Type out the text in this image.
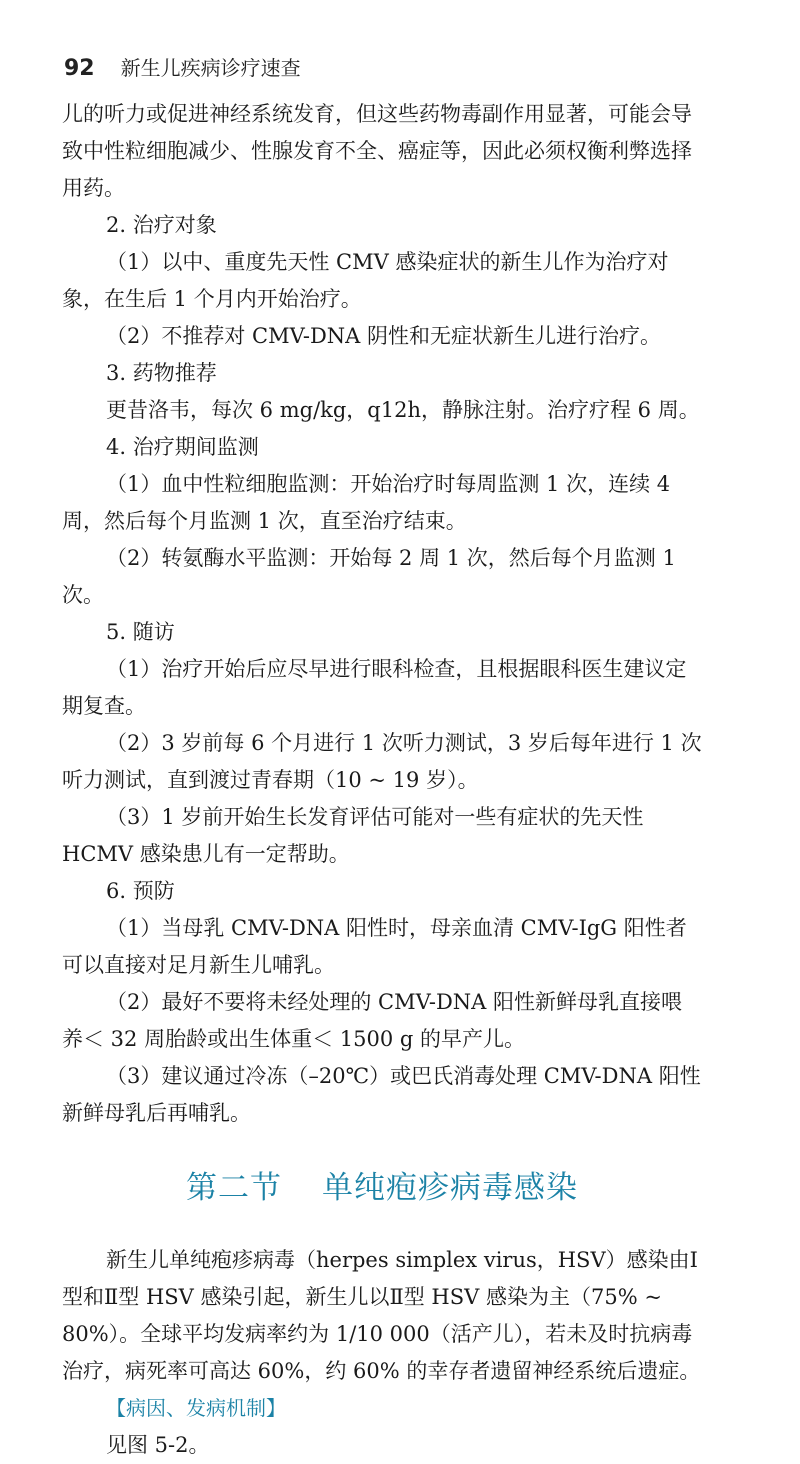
92 新生儿疾病诊疗速查

儿的听力或促进神经系统发育，但这些药物毒副作用显著，可能会导致中性粒细胞减少、性腺发育不全、癌症等，因此必须权衡利弊选择用药。

2. 治疗对象

（1）以中、重度先天性 CMV 感染症状的新生儿作为治疗对象，在生后 1 个月内开始治疗。

（2）不推荐对 CMV-DNA 阴性和无症状新生儿进行治疗。

3. 药物推荐

更昔洛韦，每次 6 mg/kg，q12h，静脉注射。治疗疗程 6 周。

4. 治疗期间监测

（1）血中性粒细胞监测：开始治疗时每周监测 1 次，连续 4 周，然后每个月监测 1 次，直至治疗结束。

（2）转氨酶水平监测：开始每 2 周 1 次，然后每个月监测 1 次。

5. 随访

（1）治疗开始后应尽早进行眼科检查，且根据眼科医生建议定期复查。

（2）3 岁前每 6 个月进行 1 次听力测试，3 岁后每年进行 1 次听力测试，直到渡过青春期（10 ~ 19 岁）。

（3）1 岁前开始生长发育评估可能对一些有症状的先天性 HCMV 感染患儿有一定帮助。

6. 预防

（1）当母乳 CMV-DNA 阳性时，母亲血清 CMV-IgG 阳性者可以直接对足月新生儿哺乳。

（2）最好不要将未经处理的 CMV-DNA 阳性新鲜母乳直接喂养＜ 32 周胎龄或出生体重＜ 1500 g 的早产儿。

（3）建议通过冷冻（–20℃）或巴氏消毒处理 CMV-DNA 阳性新鲜母乳后再哺乳。

第二节 单纯疱疹病毒感染

新生儿单纯疱疹病毒（herpes simplex virus，HSV）感染由Ⅰ型和Ⅱ型 HSV 感染引起，新生儿以Ⅱ型 HSV 感染为主（75% ~ 80%）。全球平均发病率约为 1/10 000（活产儿），若未及时抗病毒治疗，病死率可高达 60%，约 60% 的幸存者遗留神经系统后遗症。

【病因、发病机制】

见图 5-2。
